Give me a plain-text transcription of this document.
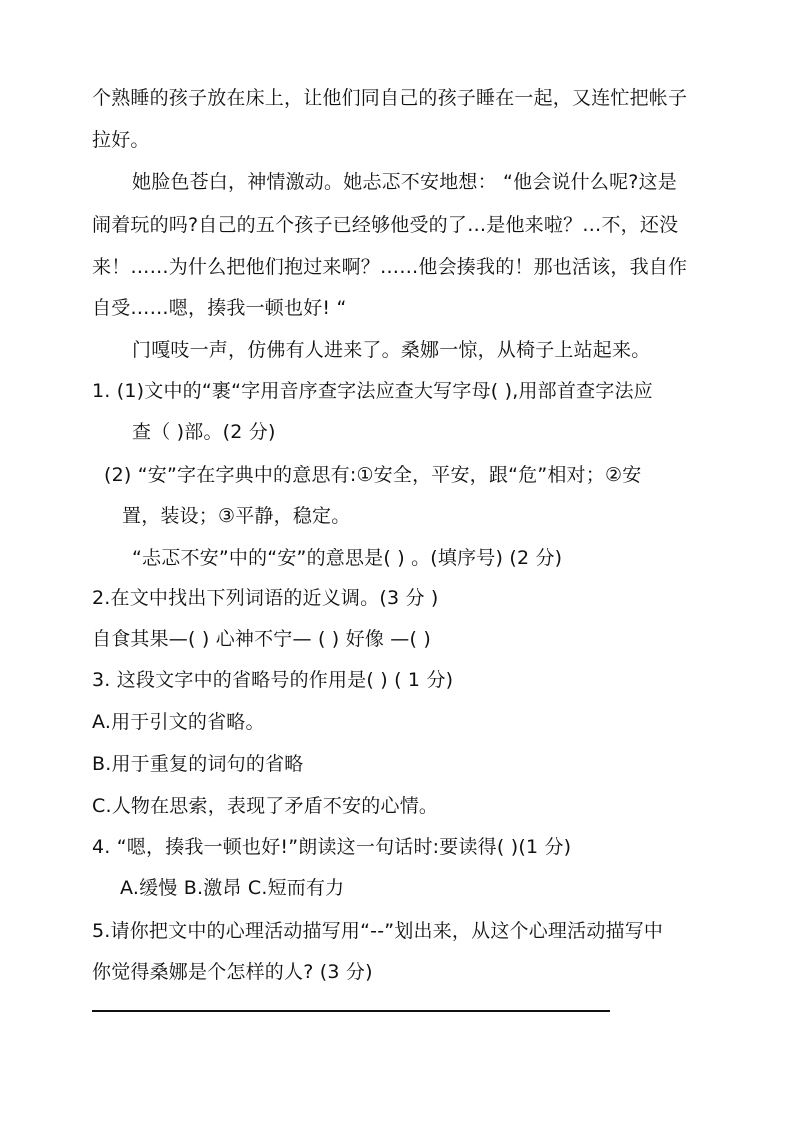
个熟睡的孩子放在床上，让他们同自己的孩子睡在一起，又连忙把帐子
拉好。
她脸色苍白，神情激动。她忐忑不安地想： “他会说什么呢?这是
闹着玩的吗?自己的五个孩子已经够他受的了…是他来啦？…不，还没
来！……为什么把他们抱过来啊？……他会揍我的！那也活该，我自作
自受……嗯，揍我一顿也好! “
门嘎吱一声，仿佛有人进来了。桑娜一惊，从椅子上站起来。
1. (1)文中的“裹“字用音序查字法应查大写字母( ),用部首查字法应
查（ )部。(2 分)
(2) “安”字在字典中的意思有:①安全，平安，跟“危”相对；②安
置，装设；③平静，稳定。
“忐忑不安”中的“安”的意思是( ) 。(填序号) (2 分)
2.在文中找出下列词语的近义调。(3 分 )
自食其果—( ) 心神不宁— ( ) 好像 —( )
3. 这段文字中的省略号的作用是( ) ( 1 分)
A.用于引文的省略。
B.用于重复的词句的省略
C.人物在思索，表现了矛盾不安的心情。
4. “嗯，揍我一顿也好!”朗读这一句话时:要读得( )(1 分)
A.缓慢 B.激昂 C.短而有力
5.请你把文中的心理活动描写用“--”划出来，从这个心理活动描写中
你觉得桑娜是个怎样的人? (3 分)
